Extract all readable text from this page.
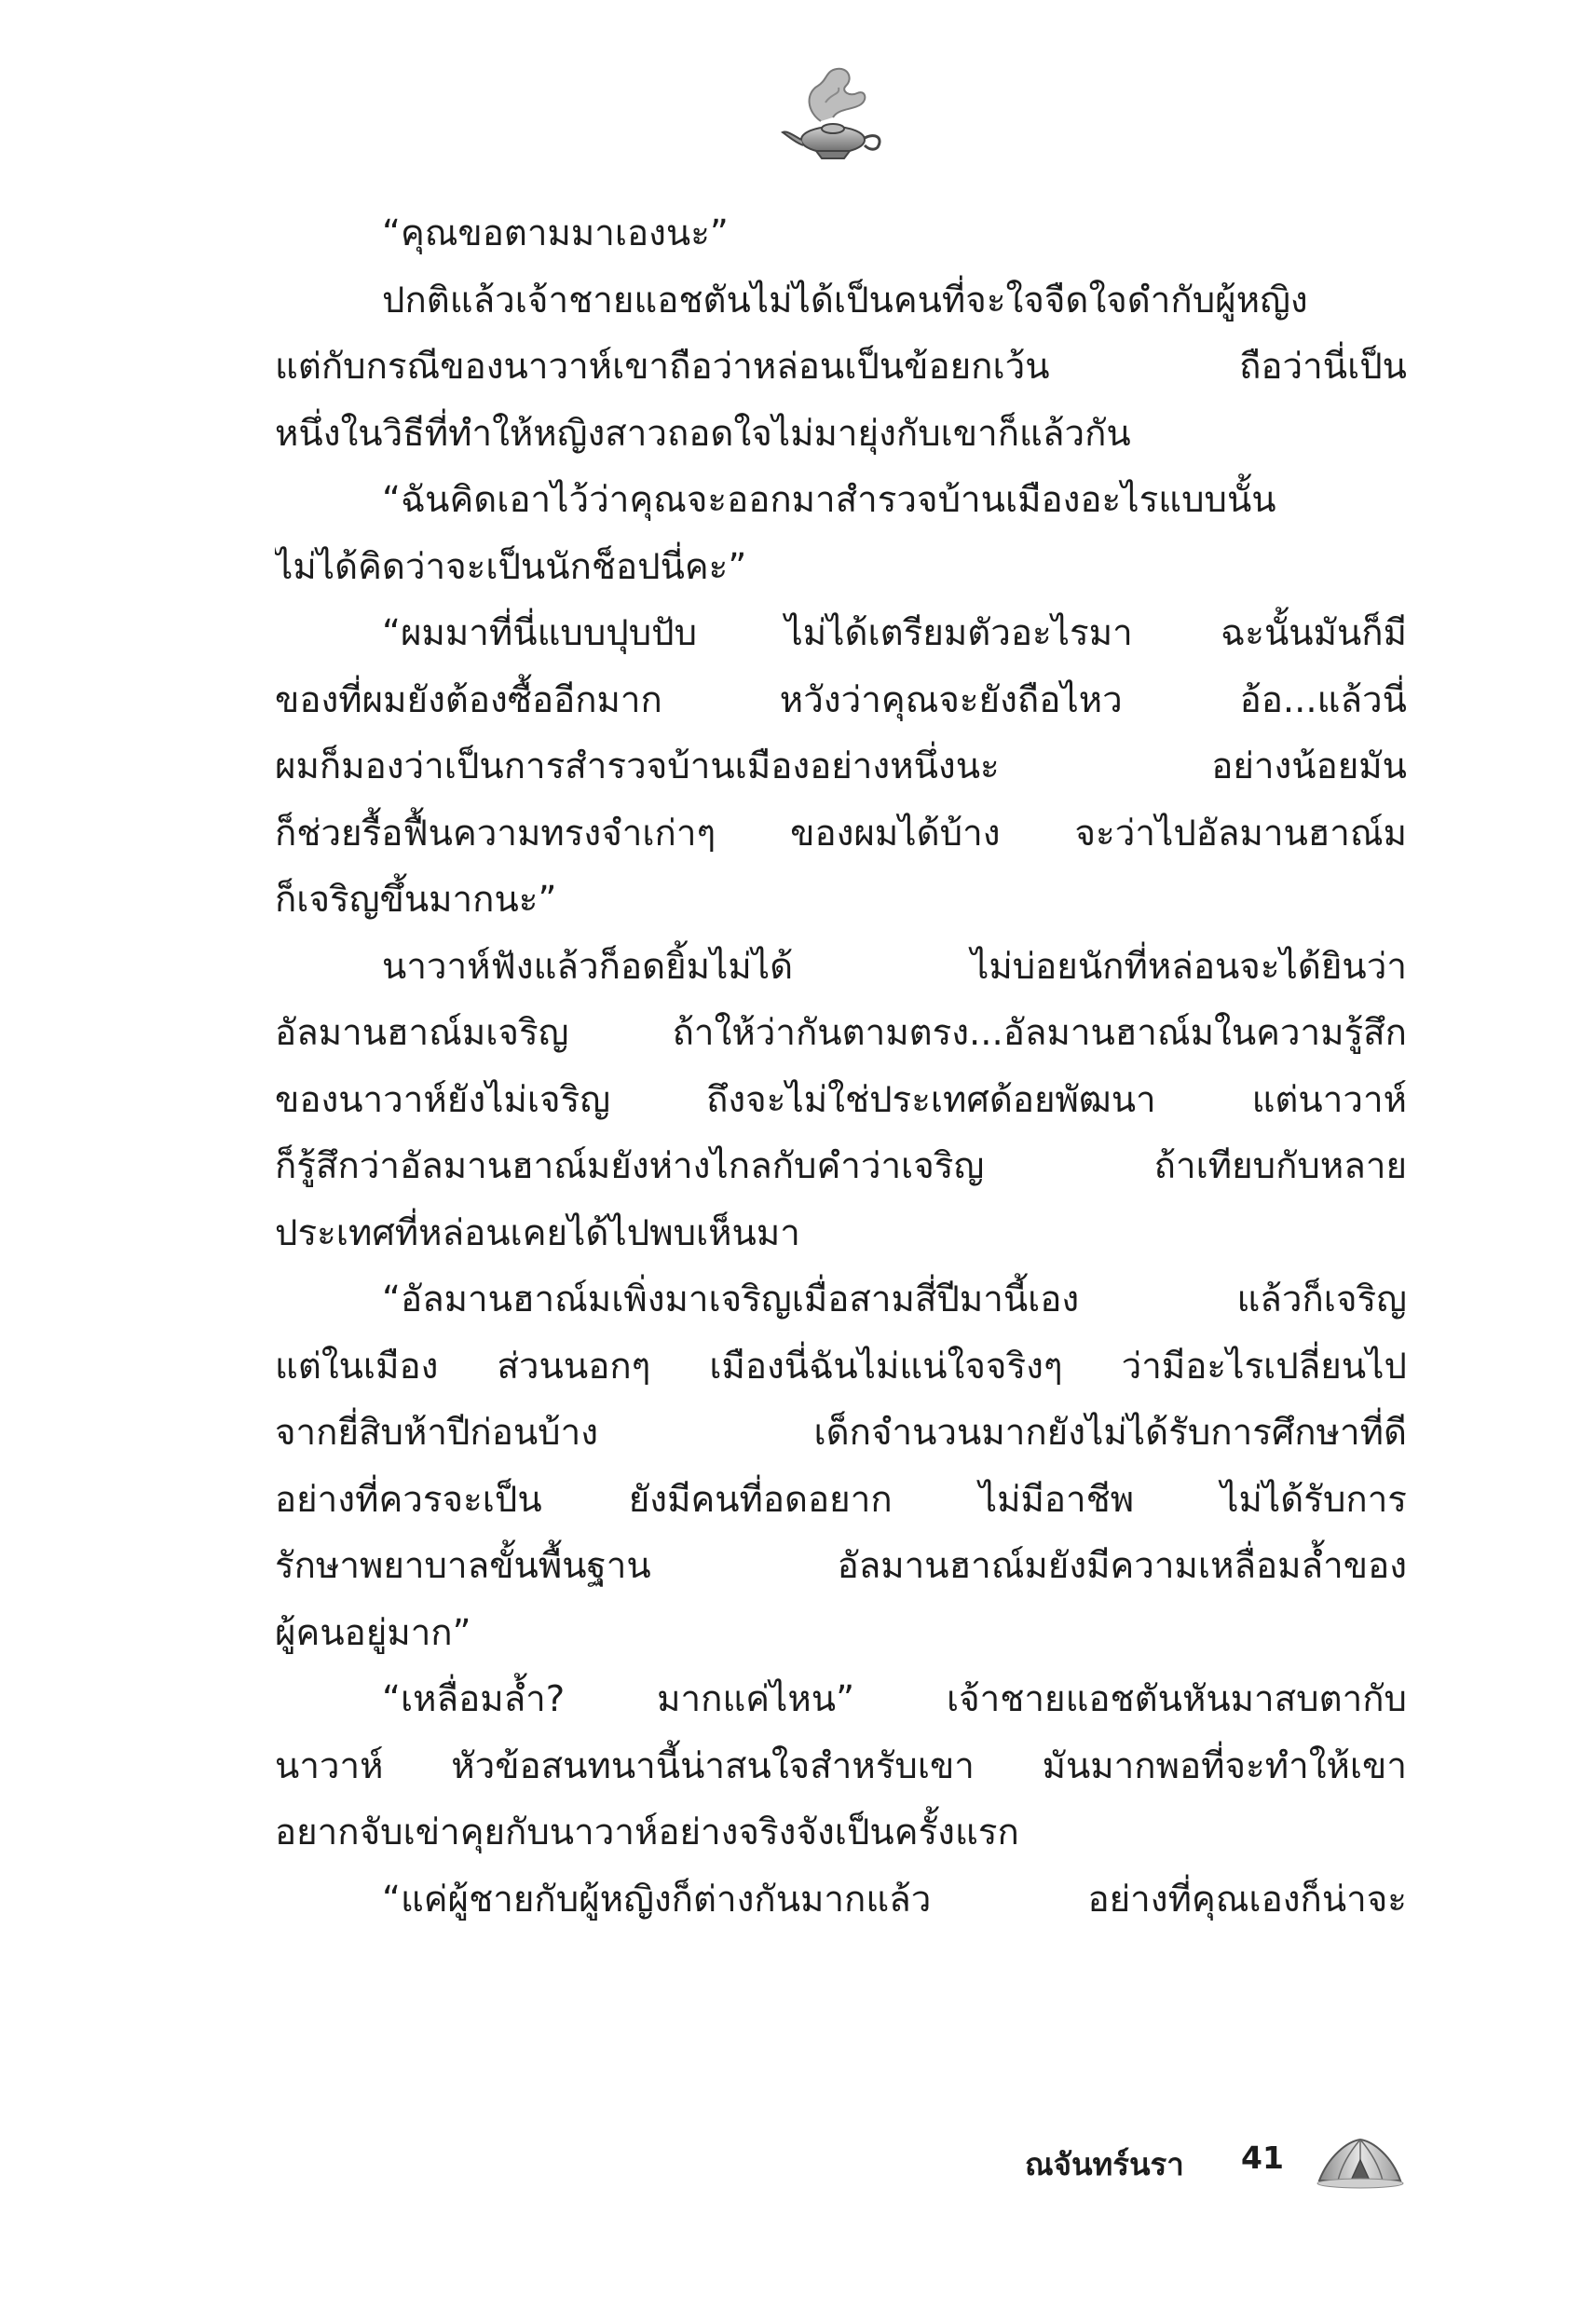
“คุณขอตามมาเองนะ”
ปกติแล้วเจ้าชายแอชตันไม่ได้เป็นคนที่จะใจจืดใจดำกับผู้หญิง
แต่กับกรณีของนาวาห์เขาถือว่าหล่อนเป็นข้อยกเว้น ถือว่านี่เป็น
หนึ่งในวิธีที่ทำให้หญิงสาวถอดใจไม่มายุ่งกับเขาก็แล้วกัน
“ฉันคิดเอาไว้ว่าคุณจะออกมาสำรวจบ้านเมืองอะไรแบบนั้น
ไม่ได้คิดว่าจะเป็นนักช็อปนี่คะ”
“ผมมาที่นี่แบบปุบปับ ไม่ได้เตรียมตัวอะไรมา ฉะนั้นมันก็มี
ของที่ผมยังต้องซื้ออีกมาก หวังว่าคุณจะยังถือไหว อ้อ...แล้วนี่
ผมก็มองว่าเป็นการสำรวจบ้านเมืองอย่างหนึ่งนะ อย่างน้อยมัน
ก็ช่วยรื้อฟื้นความทรงจำเก่าๆ ของผมได้บ้าง จะว่าไปอัลมานฮาณ์ม
ก็เจริญขึ้นมากนะ”
นาวาห์ฟังแล้วก็อดยิ้มไม่ได้ ไม่บ่อยนักที่หล่อนจะได้ยินว่า
อัลมานฮาณ์มเจริญ ถ้าให้ว่ากันตามตรง...อัลมานฮาณ์มในความรู้สึก
ของนาวาห์ยังไม่เจริญ ถึงจะไม่ใช่ประเทศด้อยพัฒนา แต่นาวาห์
ก็รู้สึกว่าอัลมานฮาณ์มยังห่างไกลกับคำว่าเจริญ ถ้าเทียบกับหลาย
ประเทศที่หล่อนเคยได้ไปพบเห็นมา
“อัลมานฮาณ์มเพิ่งมาเจริญเมื่อสามสี่ปีมานี้เอง แล้วก็เจริญ
แต่ในเมือง ส่วนนอกๆ เมืองนี่ฉันไม่แน่ใจจริงๆ ว่ามีอะไรเปลี่ยนไป
จากยี่สิบห้าปีก่อนบ้าง เด็กจำนวนมากยังไม่ได้รับการศึกษาที่ดี
อย่างที่ควรจะเป็น ยังมีคนที่อดอยาก ไม่มีอาชีพ ไม่ได้รับการ
รักษาพยาบาลขั้นพื้นฐาน อัลมานฮาณ์มยังมีความเหลื่อมล้ำของ
ผู้คนอยู่มาก”
“เหลื่อมล้ำ? มากแค่ไหน” เจ้าชายแอชตันหันมาสบตากับ
นาวาห์ หัวข้อสนทนานี้น่าสนใจสำหรับเขา มันมากพอที่จะทำให้เขา
อยากจับเข่าคุยกับนาวาห์อย่างจริงจังเป็นครั้งแรก
“แค่ผู้ชายกับผู้หญิงก็ต่างกันมากแล้ว อย่างที่คุณเองก็น่าจะ
ณจันทร์นรา 41
